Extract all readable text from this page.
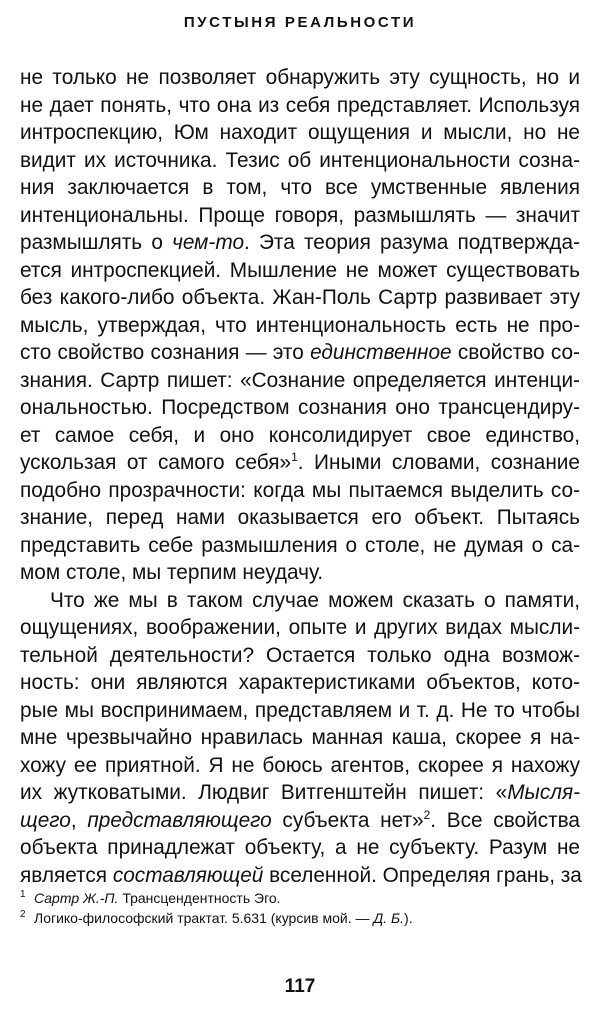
ПУСТЫНЯ РЕАЛЬНОСТИ
не только не позволяет обнаружить эту сущность, но и
не дает понять, что она из себя представляет. Используя
интроспекцию, Юм находит ощущения и мысли, но не
видит их источника. Тезис об интенциональности созна-
ния заключается в том, что все умственные явления
интенциональны. Проще говоря, размышлять — значит
размышлять о чем-то. Эта теория разума подтвержда-
ется интроспекцией. Мышление не может существовать
без какого-либо объекта. Жан-Поль Сартр развивает эту
мысль, утверждая, что интенциональность есть не про-
сто свойство сознания — это единственное свойство со-
знания. Сартр пишет: «Сознание определяется интенци-
ональностью. Посредством сознания оно трансцендиру-
ет самое себя, и оно консолидирует свое единство,
ускользая от самого себя»$^1$. Иными словами, сознание
подобно прозрачности: когда мы пытаемся выделить со-
знание, перед нами оказывается его объект. Пытаясь
представить себе размышления о столе, не думая о са-
мом столе, мы терпим неудачу.
Что же мы в таком случае можем сказать о памяти,
ощущениях, воображении, опыте и других видах мысли-
тельной деятельности? Остается только одна возмож-
ность: они являются характеристиками объектов, кото-
рые мы воспринимаем, представляем и т. д. Не то чтобы
мне чрезвычайно нравилась манная каша, скорее я на-
хожу ее приятной. Я не боюсь агентов, скорее я нахожу
их жутковатыми. Людвиг Витгенштейн пишет: «Мысля-
щего, представляющего субъекта нет»$^2$. Все свойства
объекта принадлежат объекту, а не субъекту. Разум не
является составляющей вселенной. Определяя грань, за
1 Сартр Ж.-П. Трансцендентность Эго.
2 Логико-философский трактат. 5.631 (курсив мой. — Д. Б.).
117
